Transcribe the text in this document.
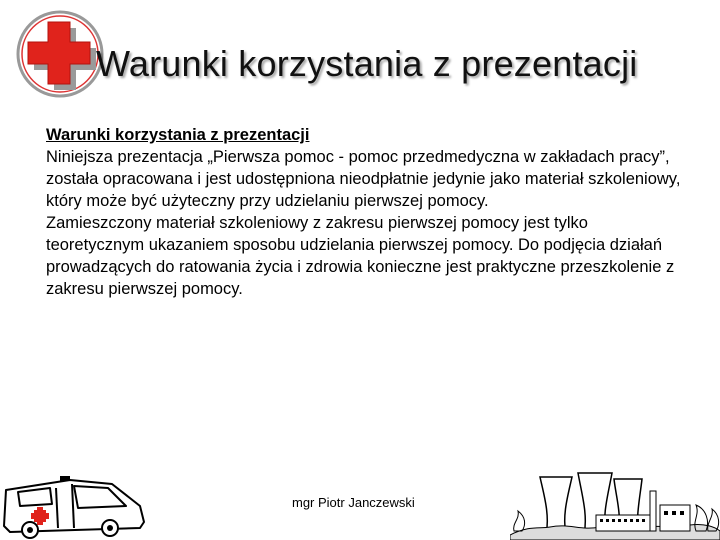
Warunki korzystania z prezentacji

Warunki korzystania z prezentacji

Niniejsza prezentacja „Pierwsza pomoc - pomoc przedmedyczna w zakładach pracy”, została opracowana i jest udostępniona nieodpłatnie jedynie jako materiał szkoleniowy, który może być użyteczny przy udzielaniu pierwszej pomocy.

Zamieszczony materiał szkoleniowy z zakresu pierwszej pomocy jest tylko teoretycznym ukazaniem sposobu udzielania pierwszej pomocy. Do podjęcia działań prowadzących do ratowania życia i zdrowia konieczne jest praktyczne przeszkolenie z zakresu pierwszej pomocy.

mgr Piotr Janczewski
